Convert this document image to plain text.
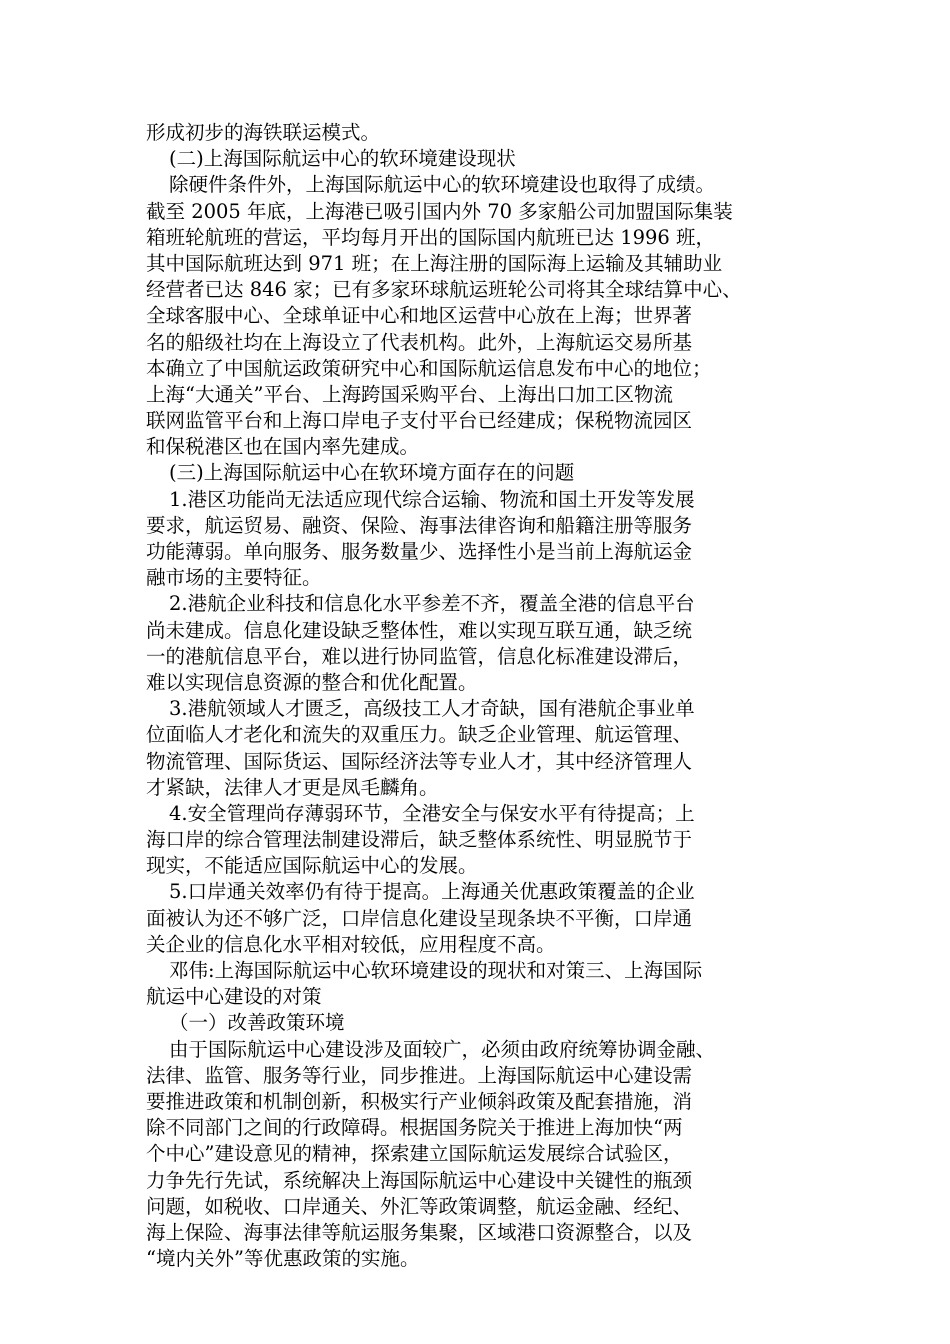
形成初步的海铁联运模式。
(二)上海国际航运中心的软环境建设现状
除硬件条件外，上海国际航运中心的软环境建设也取得了成绩。
截至 2005 年底，上海港已吸引国内外 70 多家船公司加盟国际集装
箱班轮航班的营运，平均每月开出的国际国内航班已达 1996 班，
其中国际航班达到 971 班；在上海注册的国际海上运输及其辅助业
经营者已达 846 家；已有多家环球航运班轮公司将其全球结算中心、
全球客服中心、全球单证中心和地区运营中心放在上海；世界著
名的船级社均在上海设立了代表机构。此外，上海航运交易所基
本确立了中国航运政策研究中心和国际航运信息发布中心的地位；
上海“大通关”平台、上海跨国采购平台、上海出口加工区物流
联网监管平台和上海口岸电子支付平台已经建成；保税物流园区
和保税港区也在国内率先建成。
(三)上海国际航运中心在软环境方面存在的问题
1.港区功能尚无法适应现代综合运输、物流和国土开发等发展
要求，航运贸易、融资、保险、海事法律咨询和船籍注册等服务
功能薄弱。单向服务、服务数量少、选择性小是当前上海航运金
融市场的主要特征。
2.港航企业科技和信息化水平参差不齐，覆盖全港的信息平台
尚未建成。信息化建设缺乏整体性，难以实现互联互通，缺乏统
一的港航信息平台，难以进行协同监管，信息化标准建设滞后，
难以实现信息资源的整合和优化配置。
3.港航领域人才匮乏，高级技工人才奇缺，国有港航企事业单
位面临人才老化和流失的双重压力。缺乏企业管理、航运管理、
物流管理、国际货运、国际经济法等专业人才，其中经济管理人
才紧缺，法律人才更是凤毛麟角。
4.安全管理尚存薄弱环节，全港安全与保安水平有待提高；上
海口岸的综合管理法制建设滞后，缺乏整体系统性、明显脱节于
现实，不能适应国际航运中心的发展。
5.口岸通关效率仍有待于提高。上海通关优惠政策覆盖的企业
面被认为还不够广泛，口岸信息化建设呈现条块不平衡，口岸通
关企业的信息化水平相对较低，应用程度不高。
邓伟:上海国际航运中心软环境建设的现状和对策三、上海国际
航运中心建设的对策
（一）改善政策环境
由于国际航运中心建设涉及面较广，必须由政府统筹协调金融、
法律、监管、服务等行业，同步推进。上海国际航运中心建设需
要推进政策和机制创新，积极实行产业倾斜政策及配套措施，消
除不同部门之间的行政障碍。根据国务院关于推进上海加快“两
个中心”建设意见的精神，探索建立国际航运发展综合试验区，
力争先行先试，系统解决上海国际航运中心建设中关键性的瓶颈
问题，如税收、口岸通关、外汇等政策调整，航运金融、经纪、
海上保险、海事法律等航运服务集聚，区域港口资源整合，以及
“境内关外”等优惠政策的实施。
